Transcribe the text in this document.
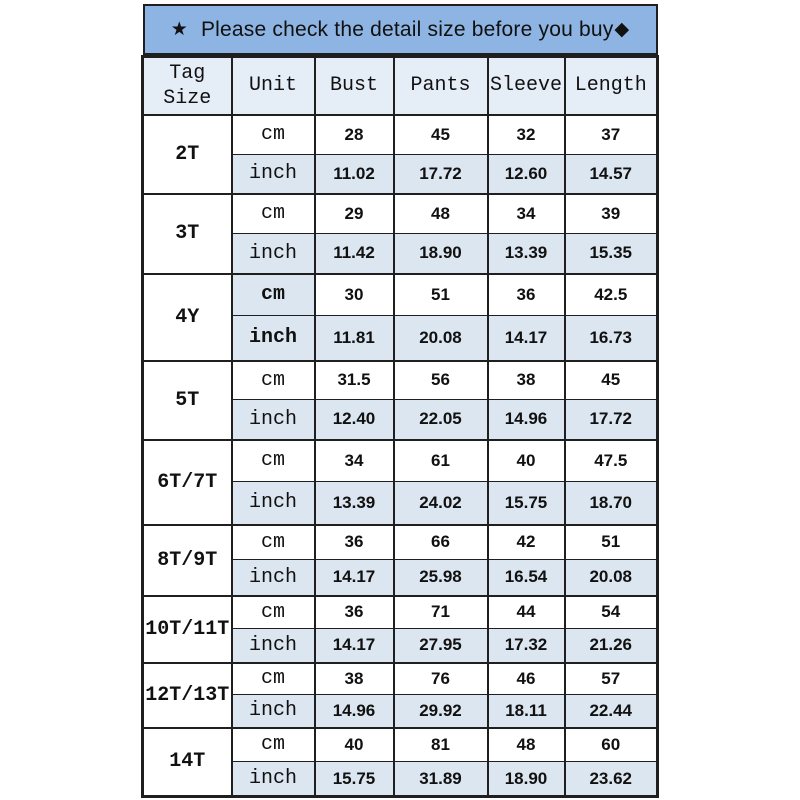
★ Please check the detail size before you buy ◆
Tag Size	Unit	Bust	Pants	Sleeve	Length
2T	cm	28	45	32	37
	inch	11.02	17.72	12.60	14.57
3T	cm	29	48	34	39
	inch	11.42	18.90	13.39	15.35
4Y	cm	30	51	36	42.5
	inch	11.81	20.08	14.17	16.73
5T	cm	31.5	56	38	45
	inch	12.40	22.05	14.96	17.72
6T/7T	cm	34	61	40	47.5
	inch	13.39	24.02	15.75	18.70
8T/9T	cm	36	66	42	51
	inch	14.17	25.98	16.54	20.08
10T/11T	cm	36	71	44	54
	inch	14.17	27.95	17.32	21.26
12T/13T	cm	38	76	46	57
	inch	14.96	29.92	18.11	22.44
14T	cm	40	81	48	60
	inch	15.75	31.89	18.90	23.62
